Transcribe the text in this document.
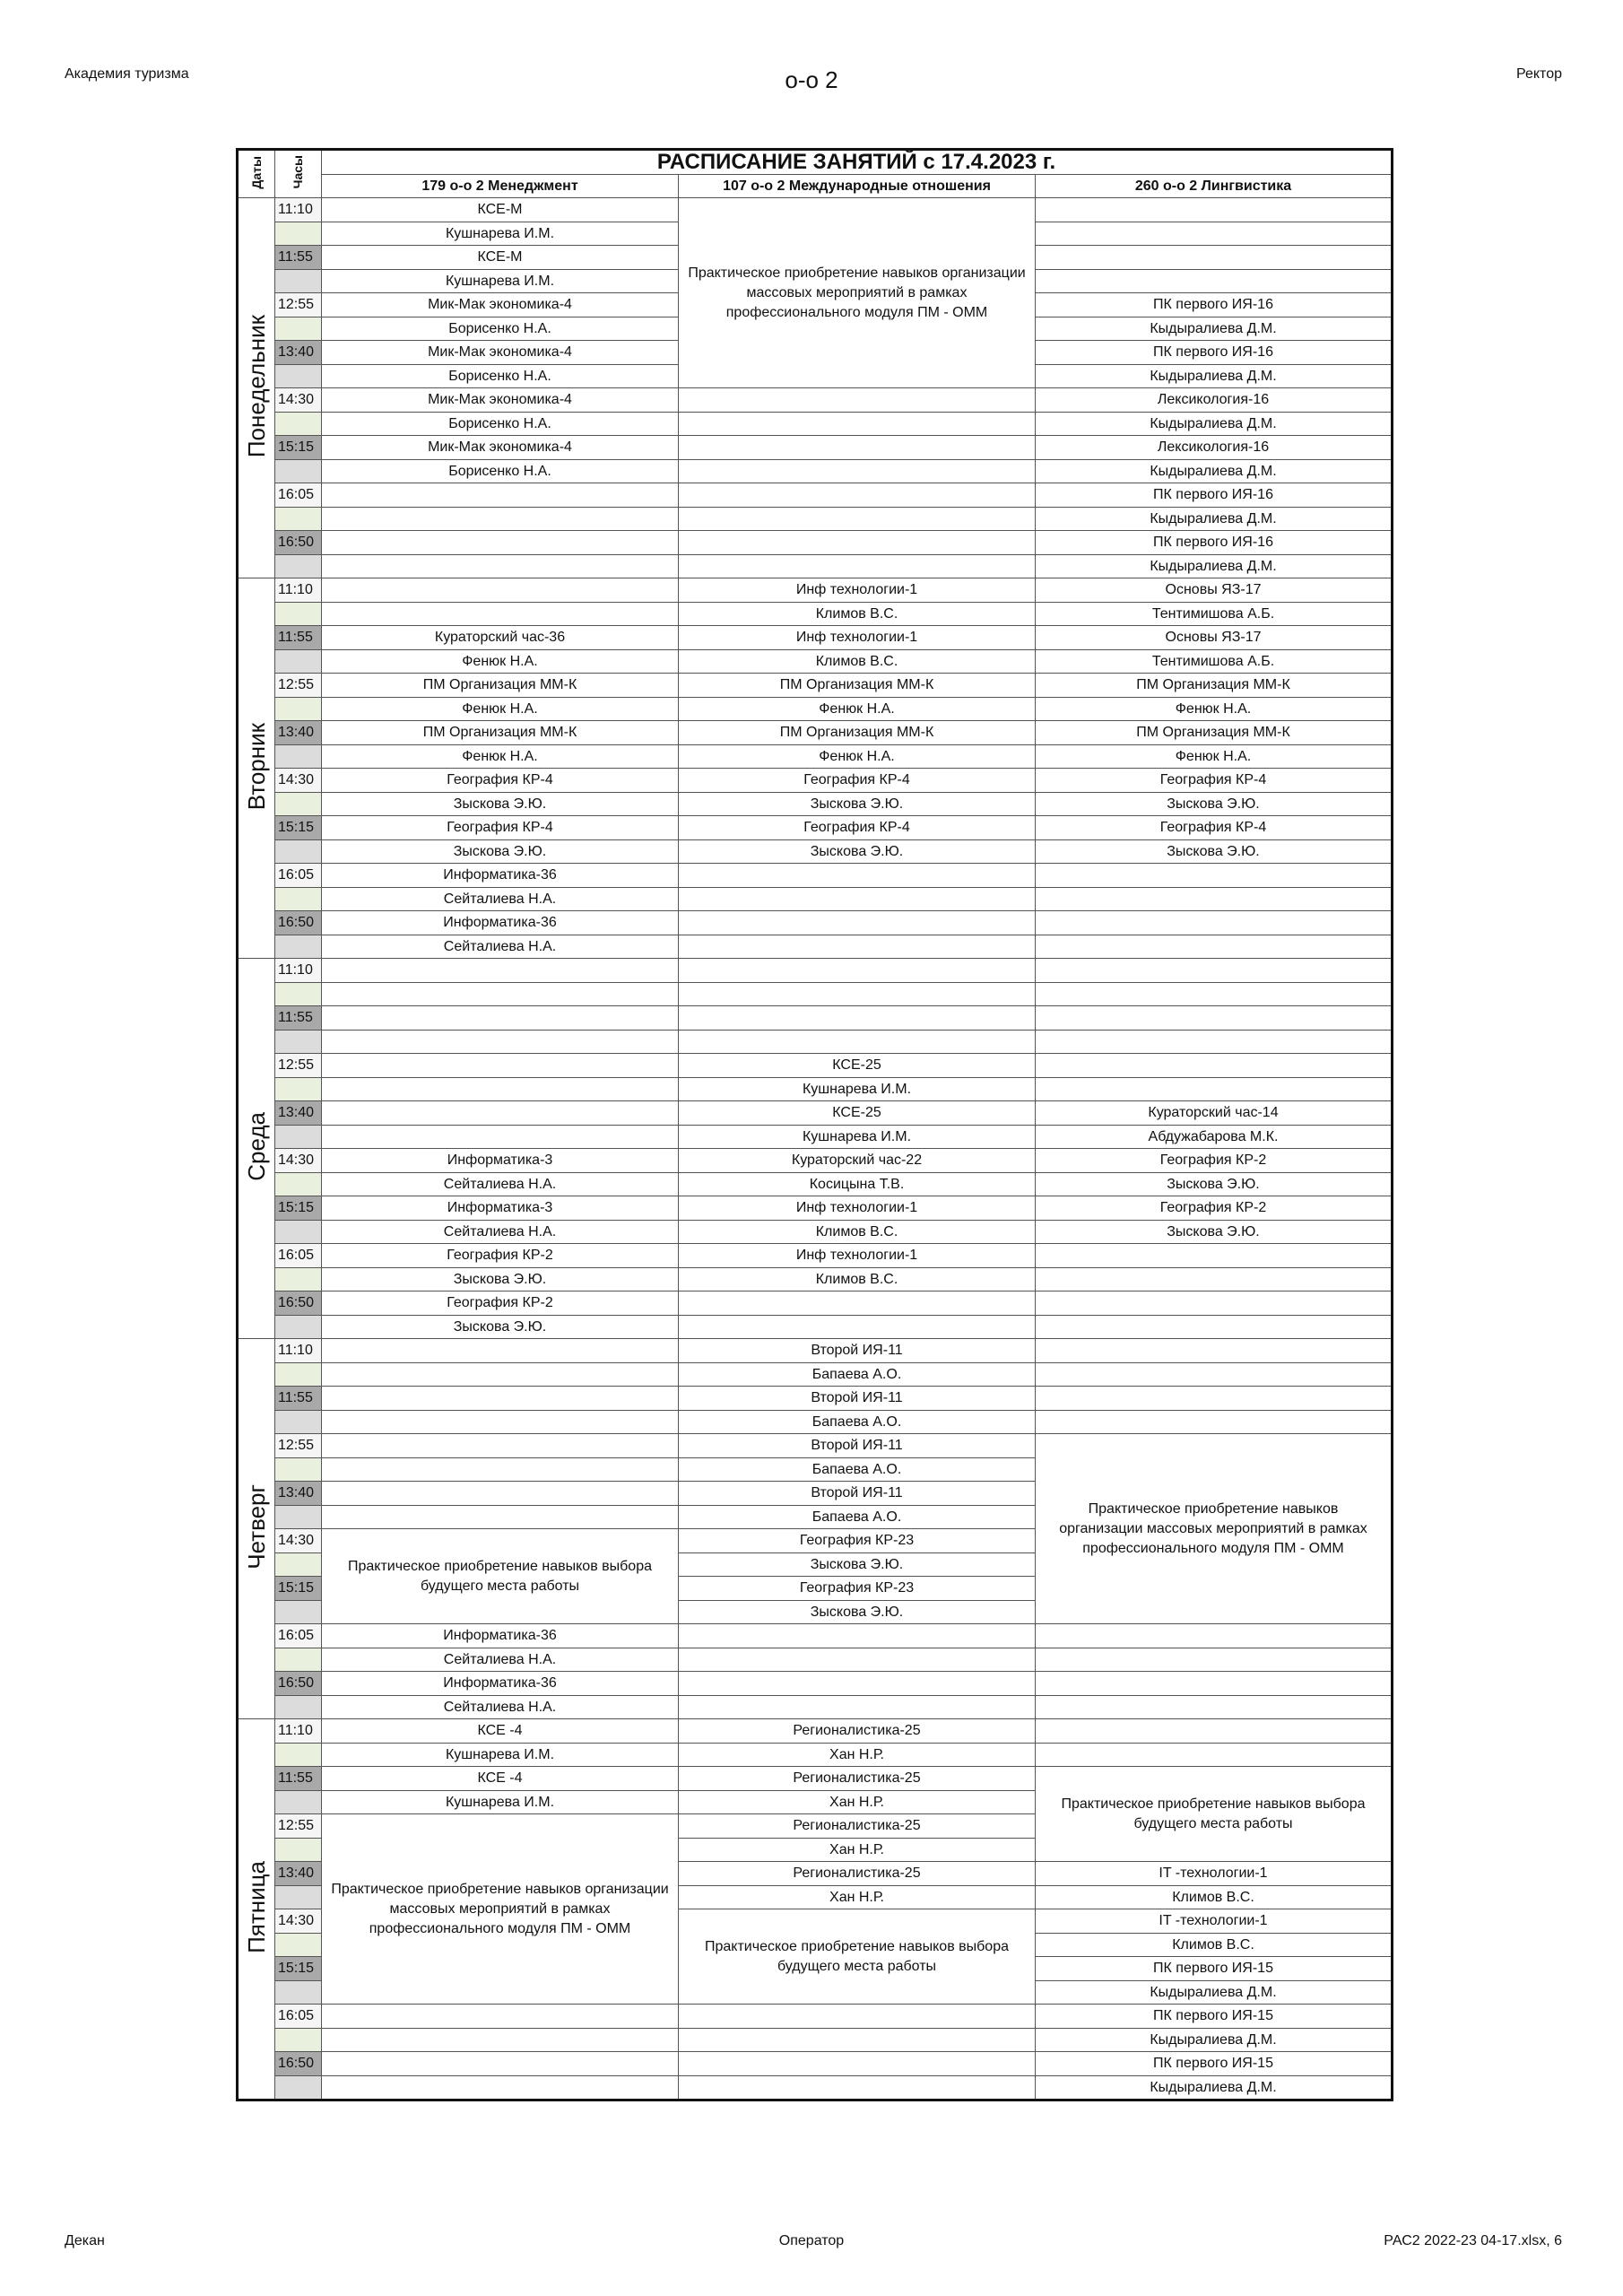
Академия туризма	о-о 2	Ректор
Даты	Часы	РАСПИСАНИЕ ЗАНЯТИЙ с 17.4.2023 г.		
		179 о-о 2 Менеджмент	107 о-о 2 Международные отношения	260 о-о 2 Лингвистика
Понедельник	11:10	КСЕ-М	Практическое приобретение навыков организации массовых мероприятий в рамках профессионального модуля ПМ - ОММ	
		Кушнарева И.М.		
	11:55	КСЕ-М		
		Кушнарева И.М.		
	12:55	Мик-Мак экономика-4		ПК первого ИЯ-16
		Борисенко Н.А.		Кыдыралиева Д.М.
	13:40	Мик-Мак экономика-4		ПК первого ИЯ-16
		Борисенко Н.А.		Кыдыралиева Д.М.
	14:30	Мик-Мак экономика-4		Лексикология-16
		Борисенко Н.А.		Кыдыралиева Д.М.
	15:15	Мик-Мак экономика-4		Лексикология-16
		Борисенко Н.А.		Кыдыралиева Д.М.
	16:05			ПК первого ИЯ-16
				Кыдыралиева Д.М.
	16:50			ПК первого ИЯ-16
				Кыдыралиева Д.М.
Вторник	11:10		Инф технологии-1	Основы ЯЗ-17
			Климов В.С.	Тентимишова А.Б.
	11:55	Кураторский час-36	Инф технологии-1	Основы ЯЗ-17
		Фенюк Н.А.	Климов В.С.	Тентимишова А.Б.
	12:55	ПМ Организация ММ-К	ПМ Организация ММ-К	ПМ Организация ММ-К
		Фенюк Н.А.	Фенюк Н.А.	Фенюк Н.А.
	13:40	ПМ Организация ММ-К	ПМ Организация ММ-К	ПМ Организация ММ-К
		Фенюк Н.А.	Фенюк Н.А.	Фенюк Н.А.
	14:30	География КР-4	География КР-4	География КР-4
		Зыскова Э.Ю.	Зыскова Э.Ю.	Зыскова Э.Ю.
	15:15	География КР-4	География КР-4	География КР-4
		Зыскова Э.Ю.	Зыскова Э.Ю.	Зыскова Э.Ю.
	16:05	Информатика-36		
		Сейталиева Н.А.		
	16:50	Информатика-36		
		Сейталиева Н.А.		
Среда	11:10			

	11:55			

	12:55		КСЕ-25	
			Кушнарева И.М.	
	13:40		КСЕ-25	Кураторский час-14
			Кушнарева И.М.	Абдужабарова М.К.
	14:30	Информатика-3	Кураторский час-22	География КР-2
		Сейталиева Н.А.	Косицына Т.В.	Зыскова Э.Ю.
	15:15	Информатика-3	Инф технологии-1	География КР-2
		Сейталиева Н.А.	Климов В.С.	Зыскова Э.Ю.
	16:05	География КР-2	Инф технологии-1	
		Зыскова Э.Ю.	Климов В.С.	
	16:50	География КР-2		
		Зыскова Э.Ю.		
Четверг	11:10		Второй ИЯ-11	
			Бапаева А.О.	
	11:55		Второй ИЯ-11	
			Бапаева А.О.	
	12:55		Второй ИЯ-11	Практическое приобретение навыков организации массовых мероприятий в рамках профессионального модуля ПМ - ОММ
			Бапаева А.О.	
	13:40		Второй ИЯ-11	
			Бапаева А.О.	
	14:30	Практическое приобретение навыков выбора будущего места работы	География КР-23	
			Зыскова Э.Ю.	
	15:15		География КР-23	
			Зыскова Э.Ю.	
	16:05	Информатика-36		
		Сейталиева Н.А.		
	16:50	Информатика-36		
		Сейталиева Н.А.		
Пятница	11:10	КСЕ -4	Регионалистика-25	
		Кушнарева И.М.	Хан Н.Р.	
	11:55	КСЕ -4	Регионалистика-25	Практическое приобретение навыков выбора будущего места работы
		Кушнарева И.М.	Хан Н.Р.	
	12:55	Практическое приобретение навыков организации массовых мероприятий в рамках профессионального модуля ПМ - ОММ	Регионалистика-25	
			Хан Н.Р.	
	13:40		Регионалистика-25	IT -технологии-1
			Хан Н.Р.	Климов В.С.
	14:30		Практическое приобретение навыков выбора будущего места работы	IT -технологии-1
				Климов В.С.
	15:15			ПК первого ИЯ-15
				Кыдыралиева Д.М.
	16:05			ПК первого ИЯ-15
				Кыдыралиева Д.М.
	16:50			ПК первого ИЯ-15
				Кыдыралиева Д.М.
Декан	Оператор	РАС2 2022-23 04-17.xlsx, 6
